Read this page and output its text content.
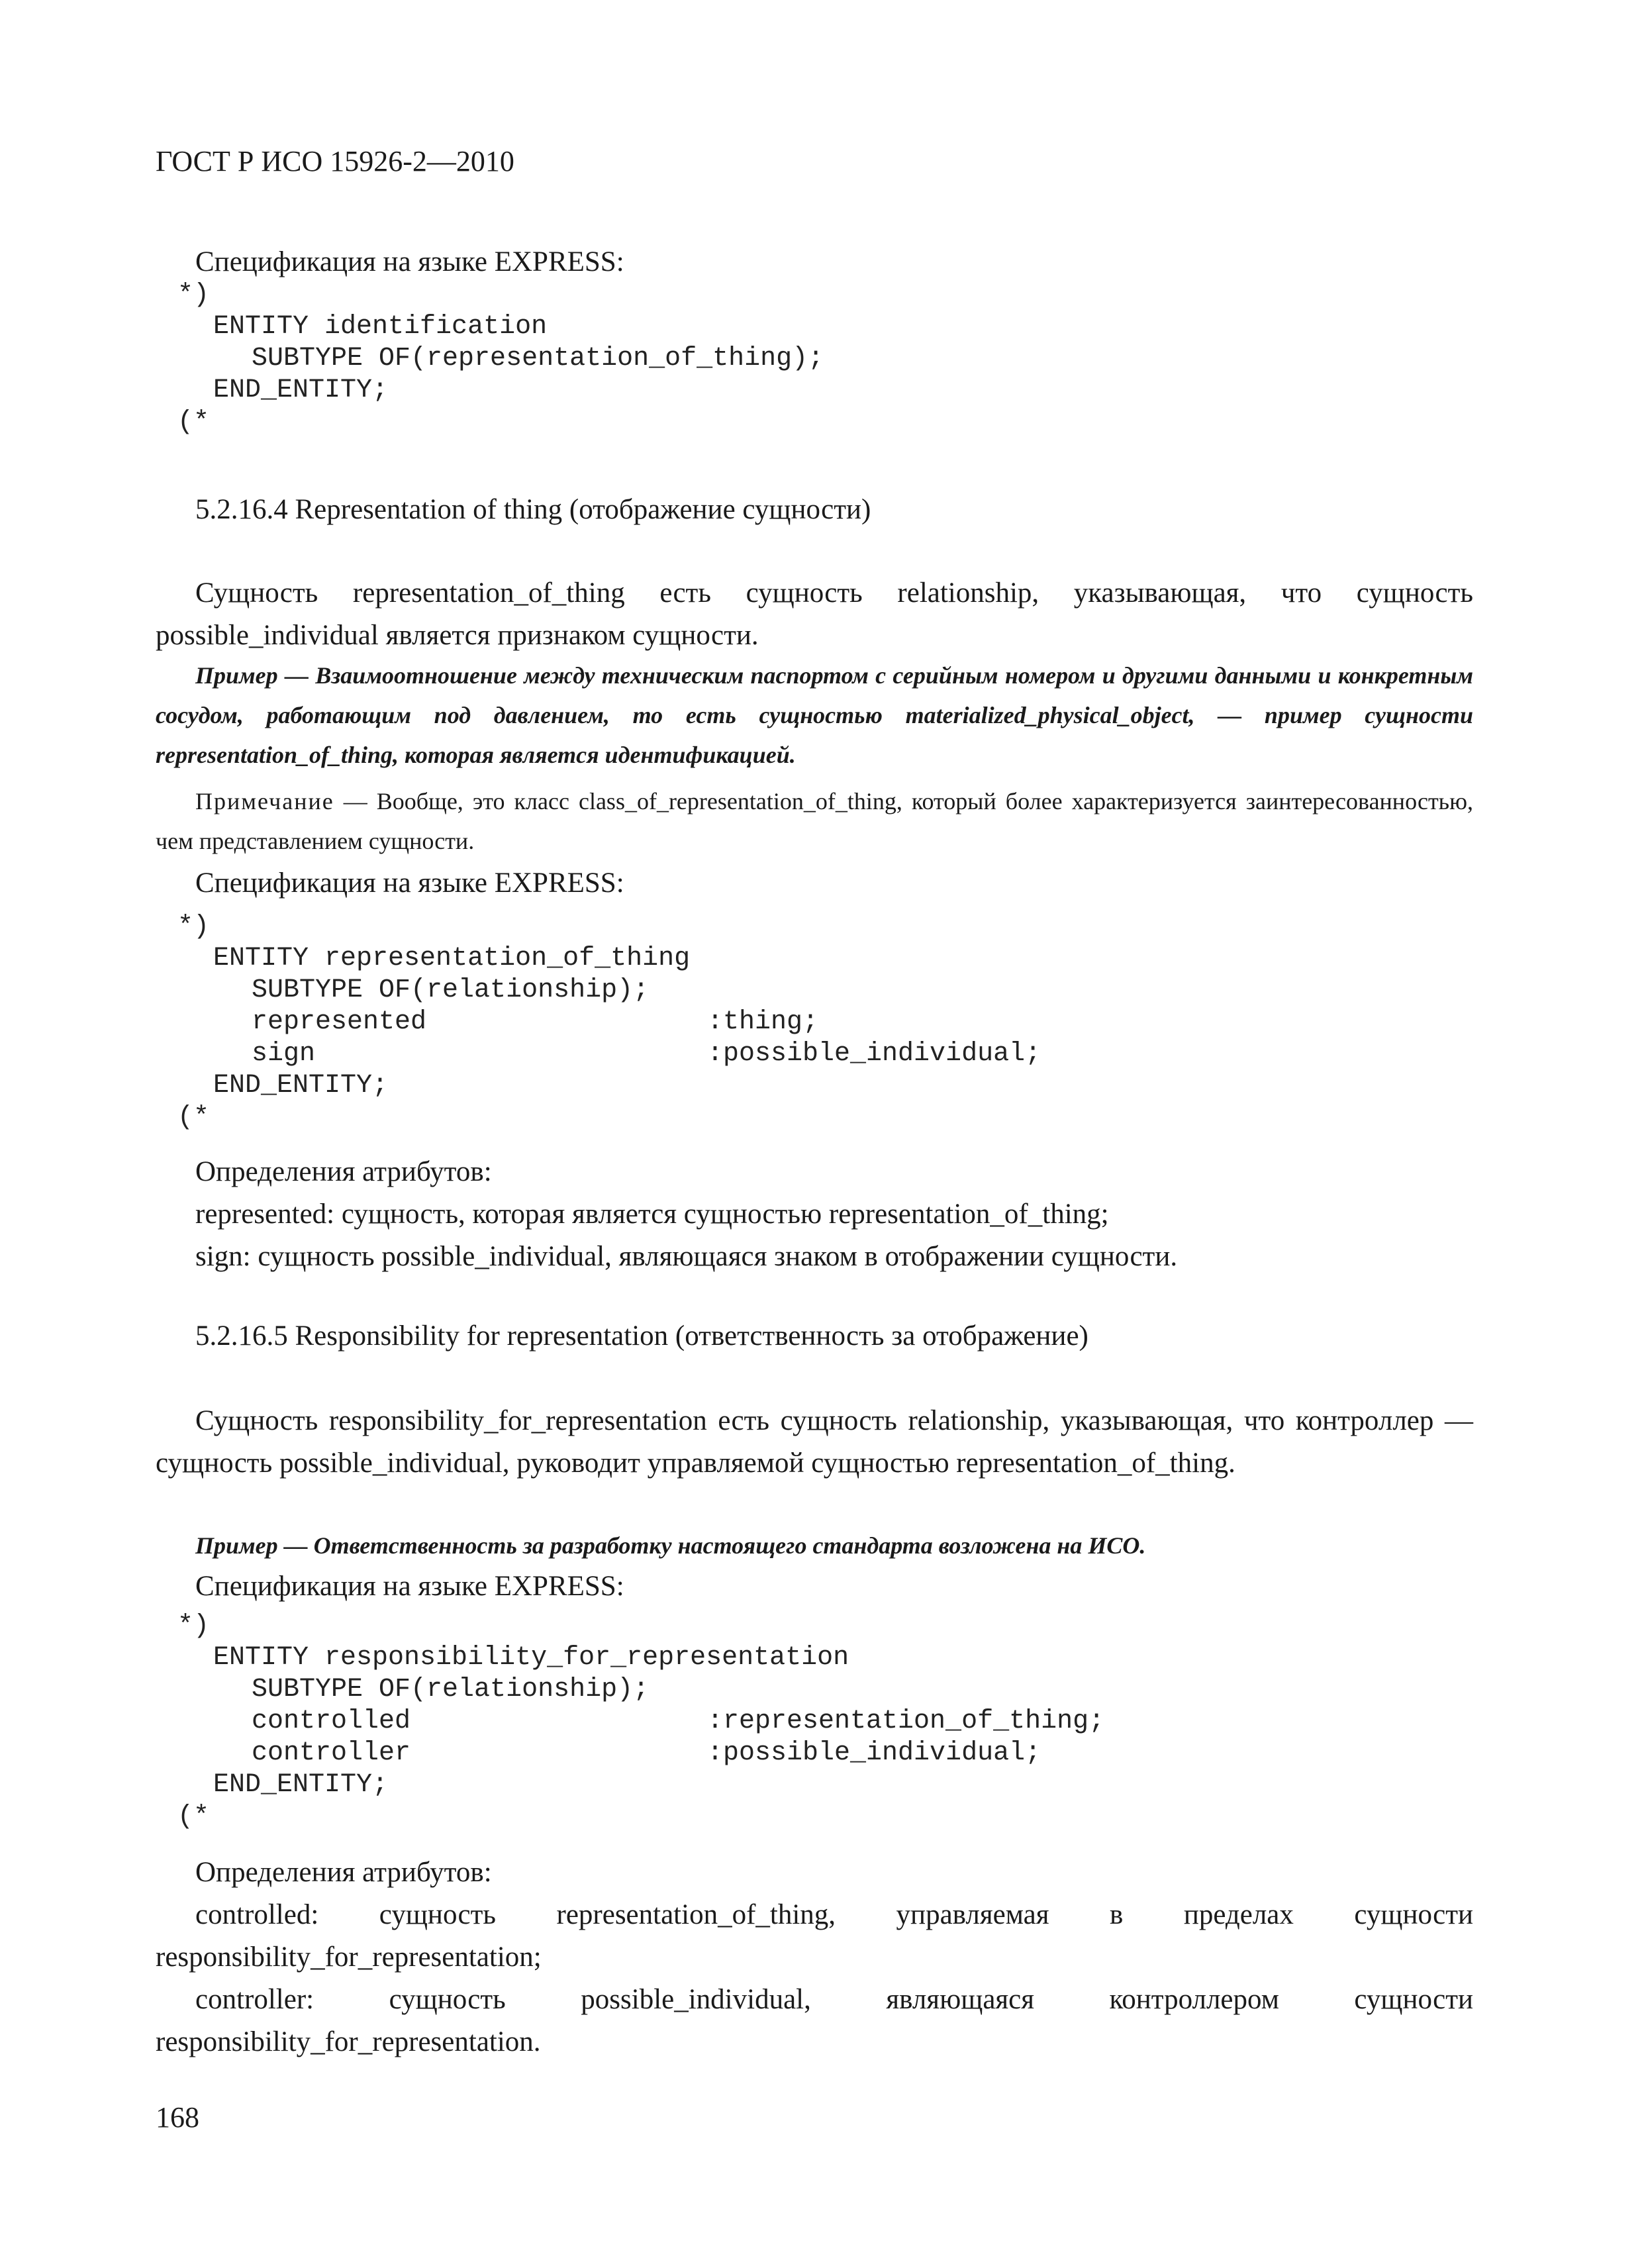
ГОСТ Р ИСО 15926-2—2010
Спецификация на языке EXPRESS:
*)
ENTITY identification
SUBTYPE OF(representation_of_thing);
END_ENTITY;
(*
5.2.16.4 Representation of thing (отображение сущности)
Сущность representation_of_thing есть сущность relationship, указывающая, что сущность possible_individual является признаком сущности.
Пример — Взаимоотношение между техническим паспортом с серийным номером и другими данными и конкретным сосудом, работающим под давлением, то есть сущностью materialized_physical_object, — пример сущности representation_of_thing, которая является идентификацией.
Примечание — Вообще, это класс class_of_representation_of_thing, который более характеризуется заинтересованностью, чем представлением сущности.
Спецификация на языке EXPRESS:
*)
ENTITY representation_of_thing
SUBTYPE OF(relationship);
represented	:thing;
sign	:possible_individual;
END_ENTITY;
(*
Определения атрибутов:
represented: сущность, которая является сущностью representation_of_thing;
sign: сущность possible_individual, являющаяся знаком в отображении сущности.
5.2.16.5 Responsibility for representation (ответственность за отображение)
Сущность responsibility_for_representation есть сущность relationship, указывающая, что контроллер — сущность possible_individual, руководит управляемой сущностью representation_of_thing.
Пример — Ответственность за разработку настоящего стандарта возложена на ИСО.
Спецификация на языке EXPRESS:
*)
ENTITY responsibility_for_representation
SUBTYPE OF(relationship);
controlled	:representation_of_thing;
controller	:possible_individual;
END_ENTITY;
(*
Определения атрибутов:
controlled: сущность representation_of_thing, управляемая в пределах сущности responsibility_for_representation;
controller: сущность possible_individual, являющаяся контроллером сущности responsibility_for_representation.
168
